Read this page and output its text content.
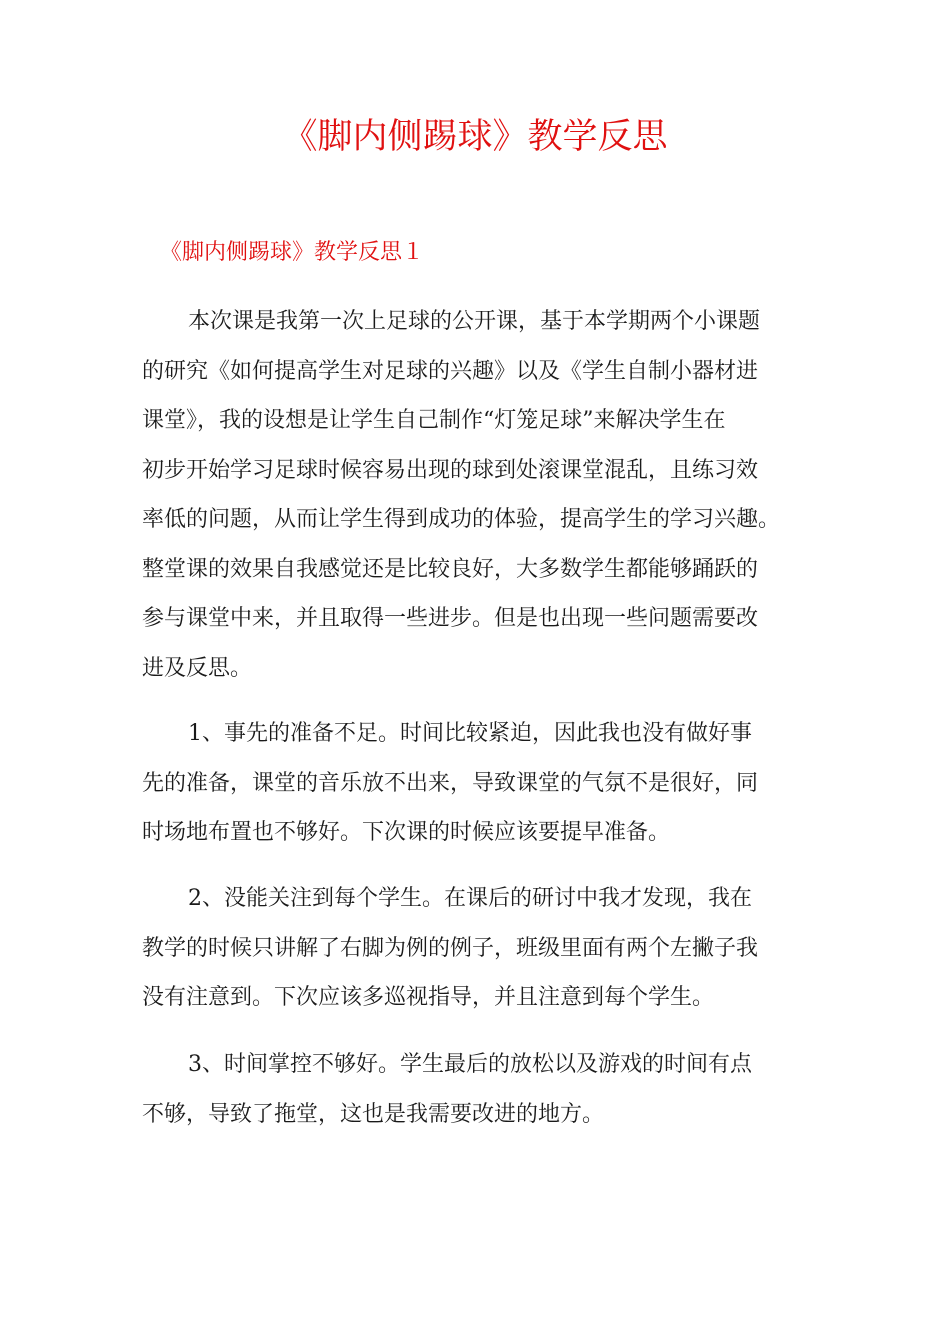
《脚内侧踢球》教学反思
《脚内侧踢球》教学反思１
本次课是我第一次上足球的公开课，基于本学期两个小课题
的研究《如何提高学生对足球的兴趣》以及《学生自制小器材进
课堂》，我的设想是让学生自己制作“灯笼足球”来解决学生在
初步开始学习足球时候容易出现的球到处滚课堂混乱，且练习效
率低的问题，从而让学生得到成功的体验，提高学生的学习兴趣。
整堂课的效果自我感觉还是比较良好，大多数学生都能够踊跃的
参与课堂中来，并且取得一些进步。但是也出现一些问题需要改
进及反思。
1、事先的准备不足。时间比较紧迫，因此我也没有做好事
先的准备，课堂的音乐放不出来，导致课堂的气氛不是很好，同
时场地布置也不够好。下次课的时候应该要提早准备。
2、没能关注到每个学生。在课后的研讨中我才发现，我在
教学的时候只讲解了右脚为例的例子，班级里面有两个左撇子我
没有注意到。下次应该多巡视指导，并且注意到每个学生。
3、时间掌控不够好。学生最后的放松以及游戏的时间有点
不够，导致了拖堂，这也是我需要改进的地方。
